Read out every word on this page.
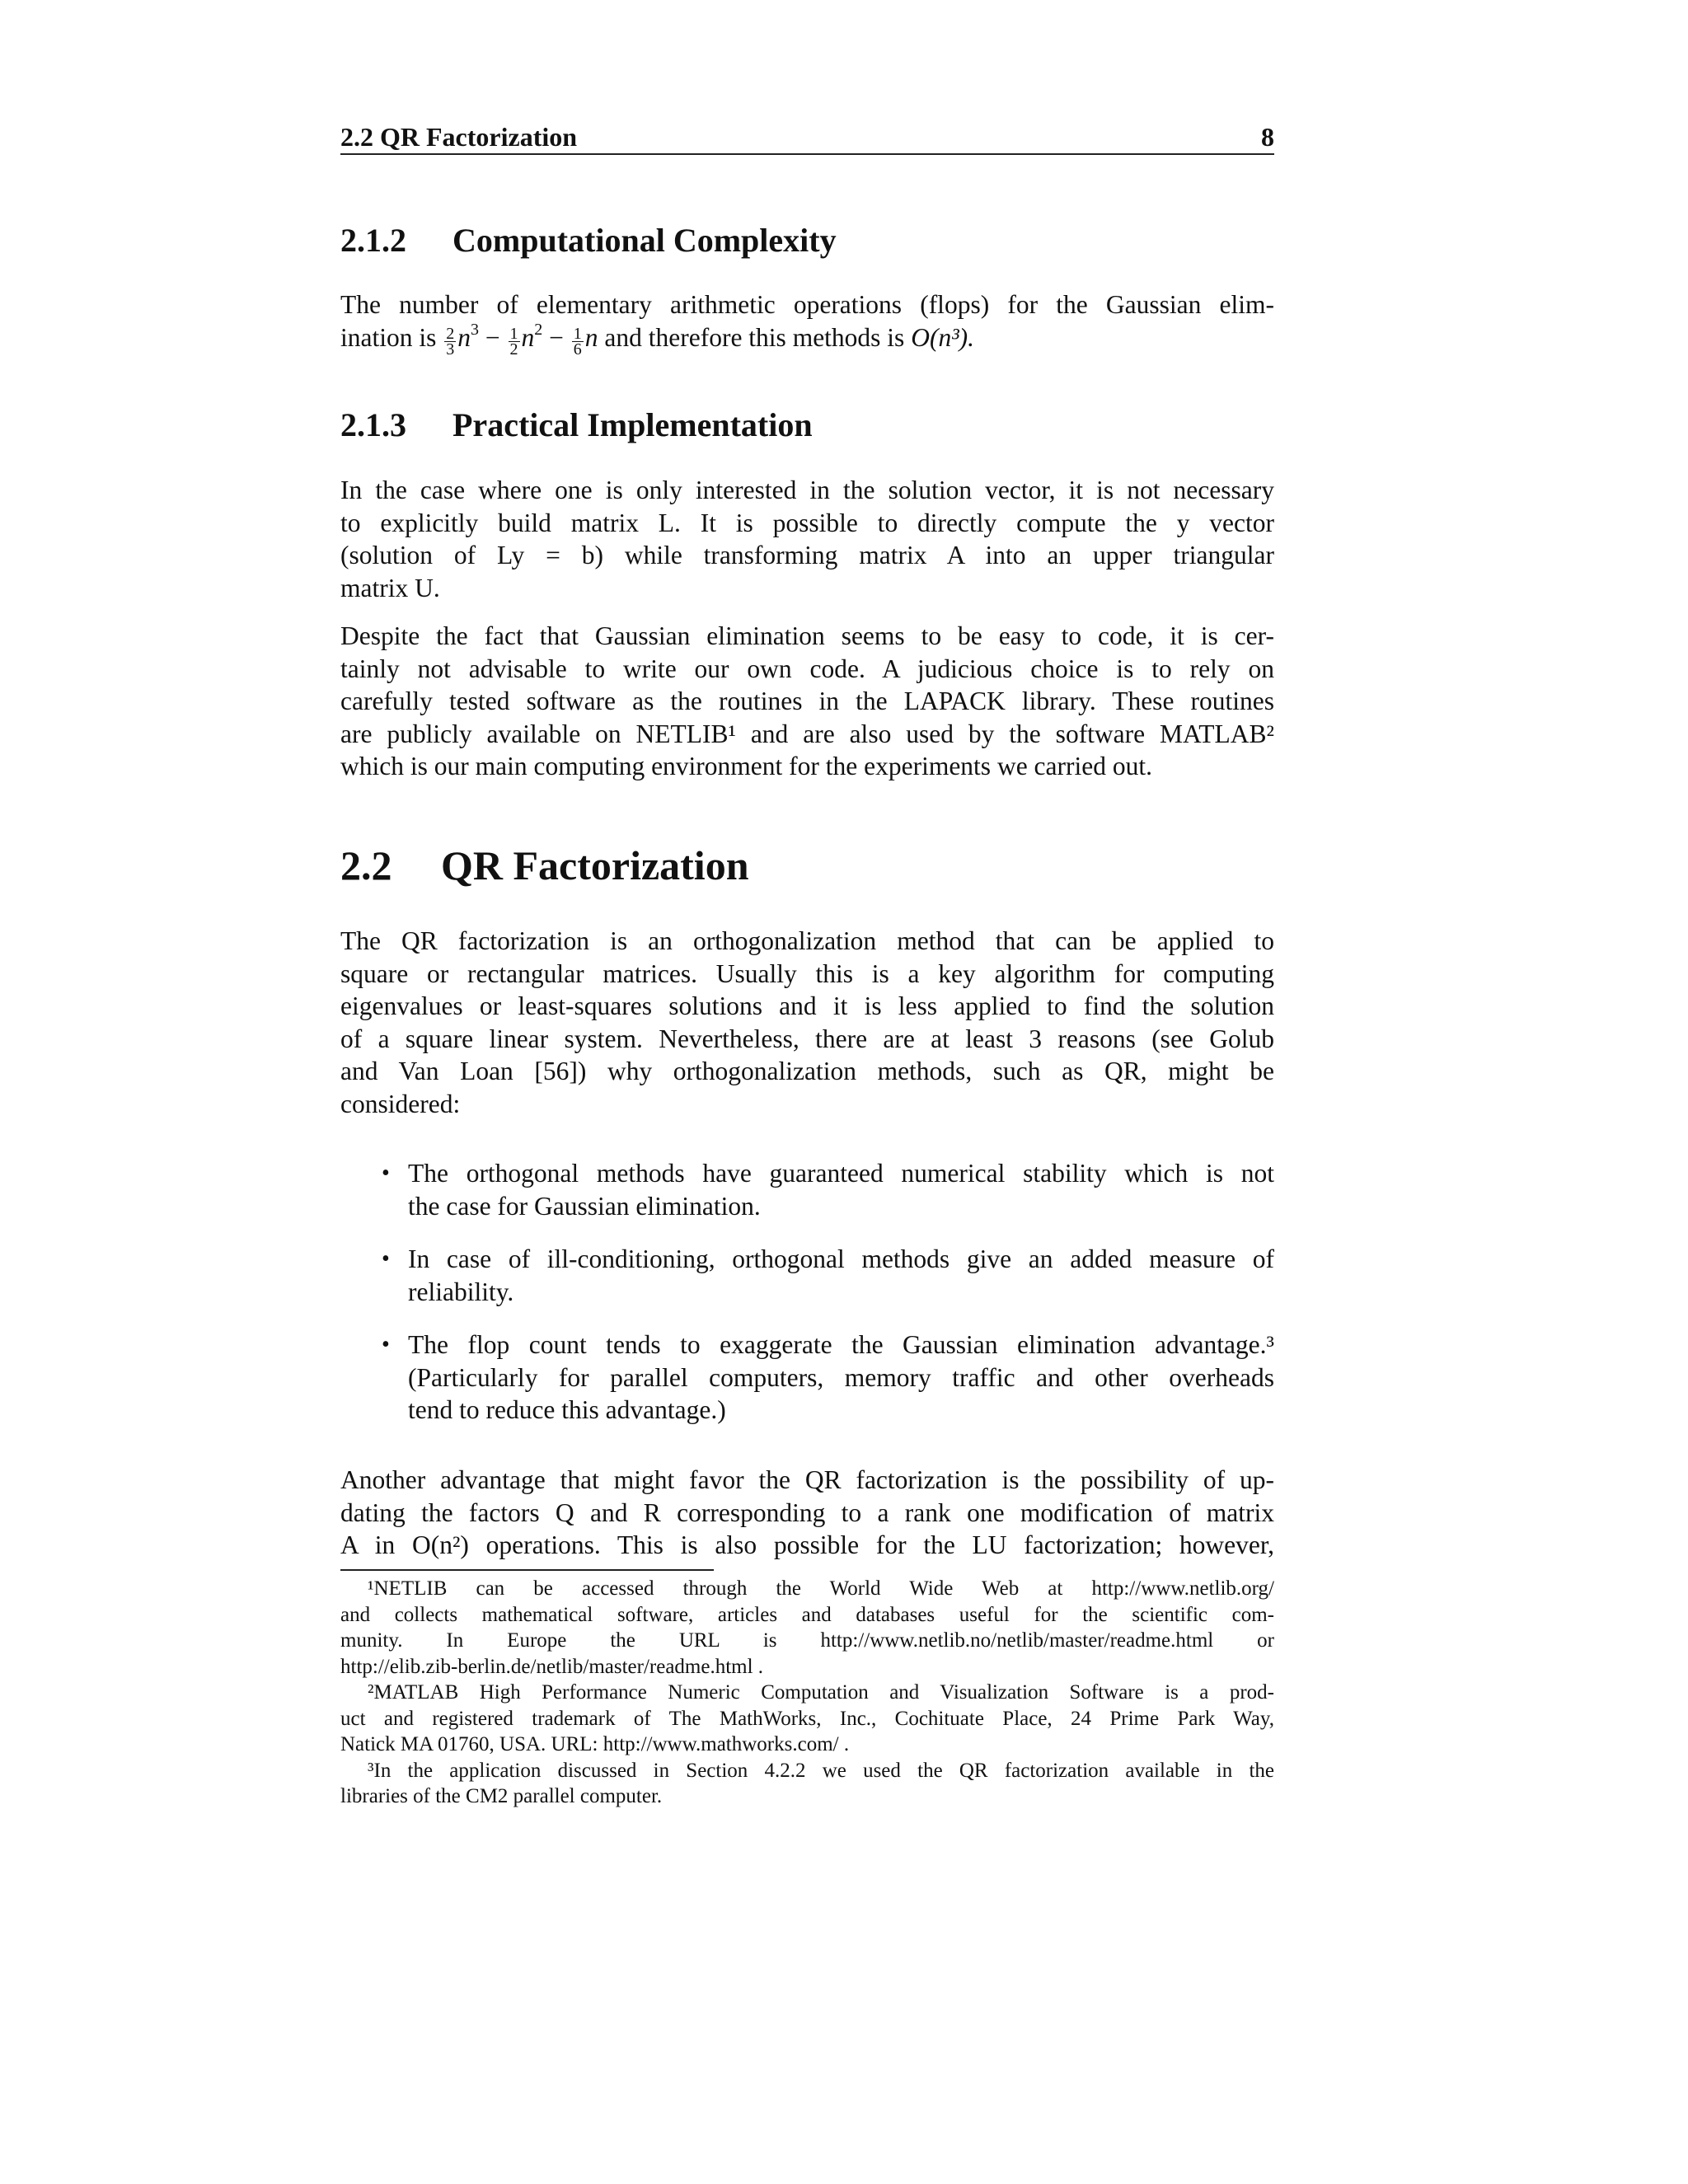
2.2 QR Factorization	8
2.1.2 Computational Complexity
The number of elementary arithmetic operations (flops) for the Gaussian elim-
ination is $\frac{2}{3} n^3 - \frac{1}{2} n^2 - \frac{1}{6}$ n and therefore this methods is O(n³).
2.1.3 Practical Implementation
In the case where one is only interested in the solution vector, it is not necessary
to explicitly build matrix L. It is possible to directly compute the y vector
(solution of Ly = b) while transforming matrix A into an upper triangular
matrix U.
Despite the fact that Gaussian elimination seems to be easy to code, it is cer-
tainly not advisable to write our own code. A judicious choice is to rely on
carefully tested software as the routines in the LAPACK library. These routines
are publicly available on NETLIB¹ and are also used by the software MATLAB²
which is our main computing environment for the experiments we carried out.
2.2 QR Factorization
The QR factorization is an orthogonalization method that can be applied to
square or rectangular matrices. Usually this is a key algorithm for computing
eigenvalues or least-squares solutions and it is less applied to find the solution
of a square linear system. Nevertheless, there are at least 3 reasons (see Golub
and Van Loan [56]) why orthogonalization methods, such as QR, might be
considered:
• The orthogonal methods have guaranteed numerical stability which is not
the case for Gaussian elimination.
• In case of ill-conditioning, orthogonal methods give an added measure of
reliability.
• The flop count tends to exaggerate the Gaussian elimination advantage.³
(Particularly for parallel computers, memory traffic and other overheads
tend to reduce this advantage.)
Another advantage that might favor the QR factorization is the possibility of up-
dating the factors Q and R corresponding to a rank one modification of matrix
A in O(n²) operations. This is also possible for the LU factorization; however,
¹NETLIB can be accessed through the World Wide Web at http://www.netlib.org/
and collects mathematical software, articles and databases useful for the scientific com-
munity. In Europe the URL is http://www.netlib.no/netlib/master/readme.html or
http://elib.zib-berlin.de/netlib/master/readme.html .
²MATLAB High Performance Numeric Computation and Visualization Software is a prod-
uct and registered trademark of The MathWorks, Inc., Cochituate Place, 24 Prime Park Way,
Natick MA 01760, USA. URL: http://www.mathworks.com/ .
³In the application discussed in Section 4.2.2 we used the QR factorization available in the
libraries of the CM2 parallel computer.
